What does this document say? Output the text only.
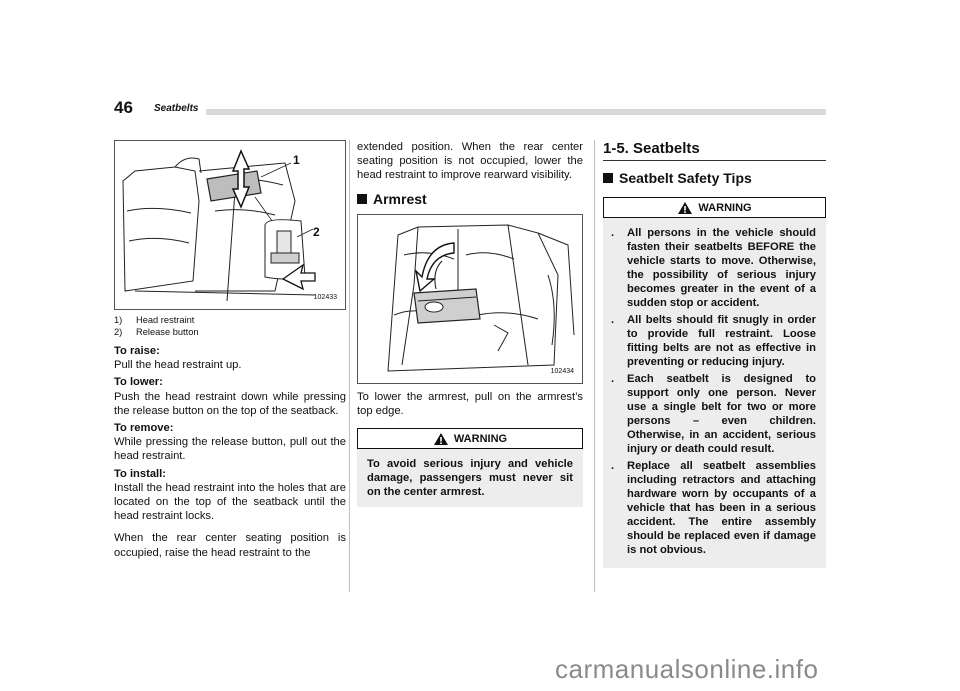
46 Seatbelts
1
2
102433
1)	Head restraint
2)	Release button

To raise:

Pull the head restraint up.

To lower:

Push the head restraint down while pressing the release button on the top of the seatback.

To remove:

While pressing the release button, pull out the head restraint.

To install:

Install the head restraint into the holes that are located on the top of the seatback until the head restraint locks.

When the rear center seating position is occupied, raise the head restraint to the

extended position. When the rear center seating position is not occupied, lower the head restraint to improve rearward visibility.

Armrest
102434

To lower the armrest, pull on the armrest’s top edge.

WARNING
To avoid serious injury and vehicle damage, passengers must never sit on the center armrest.
1-5. Seatbelts
Seatbelt Safety Tips
WARNING
.	All persons in the vehicle should fasten their seatbelts BEFORE the vehicle starts to move. Otherwise, the possibility of serious injury becomes greater in the event of a sudden stop or accident.
.	All belts should fit snugly in order to provide full restraint. Loose fitting belts are not as effective in preventing or reducing injury.
.	Each seatbelt is designed to support only one person. Never use a single belt for two or more persons – even children. Otherwise, in an accident, serious injury or death could result.
.	Replace all seatbelt assemblies including retractors and attaching hardware worn by occupants of a vehicle that has been in a serious accident. The entire assembly should be replaced even if damage is not obvious.
carmanualsonline.info
